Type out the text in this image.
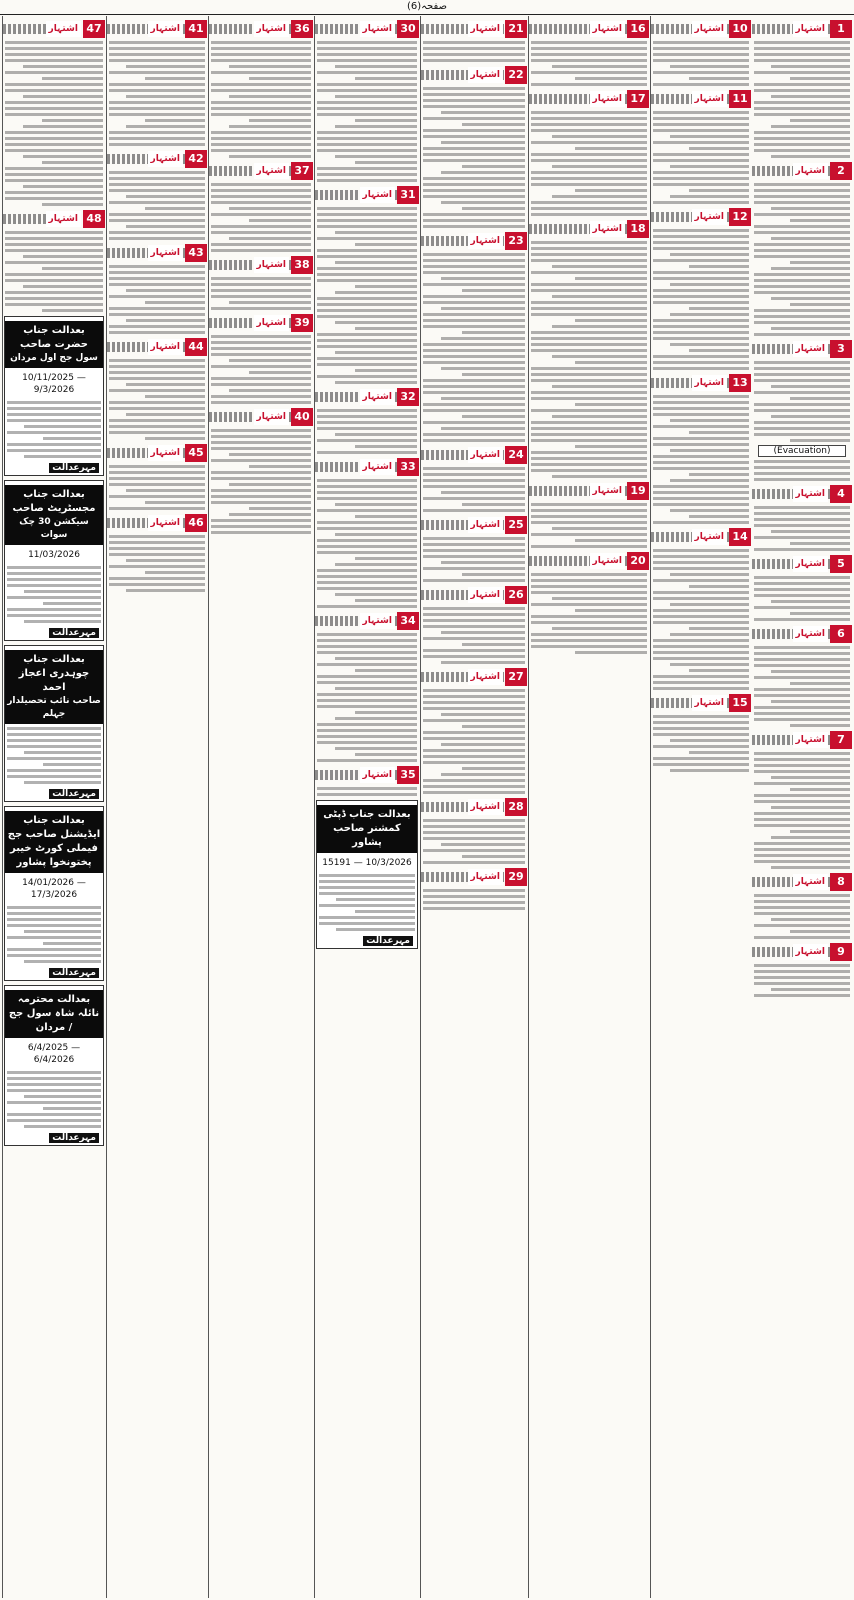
صفحہ(6)
اشتہار	1
اشتہار	2
اشتہار	3
(Evacuation)
اشتہار	4
اشتہار	5
اشتہار	6
اشتہار	7
اشتہار	8
اشتہار	9
اشتہار 10
اشتہار 11
اشتہار 12
اشتہار 13
اشتہار 14
اشتہار 15
اشتہار 16
اشتہار 17
اشتہار 18
اشتہار 19
اشتہار 20
اشتہار 21
اشتہار 22
اشتہار 23
اشتہار 24
اشتہار 25
اشتہار 26
اشتہار 27
اشتہار 28
اشتہار 29
اشتہار 30
اشتہار 31
اشتہار 32
اشتہار 33
اشتہار 34
اشتہار 35
بعدالت جناب ڈپٹی کمشنر صاحب پشاور
15191 — 10/3/2026
مہرعدالت
اشتہار 36
اشتہار 37
اشتہار 38
اشتہار 39
اشتہار 40
اشتہار 41
اشتہار 42
اشتہار 43
اشتہار 44
اشتہار 45
اشتہار 46
اشتہار 47
اشتہار 48
بعدالت جناب حضرت صاحب
سول جج اول مردان
10/11/2025 — 9/3/2026
مہرعدالت
بعدالت جناب مجسٹریٹ صاحب
سیکشن 30 چک سوات
11/03/2026
مہرعدالت
بعدالت جناب چوہدری اعجاز احمد
صاحب نائب تحصیلدار جہلم
مہرعدالت
بعدالت جناب ایڈیشنل صاحب جج فیملی کورٹ خیبر پختونخوا پشاور
14/01/2026 — 17/3/2026
مہرعدالت
بعدالت محترمہ نائلہ شاہ سول جج / مردان
6/4/2025 — 6/4/2026
مہرعدالت
